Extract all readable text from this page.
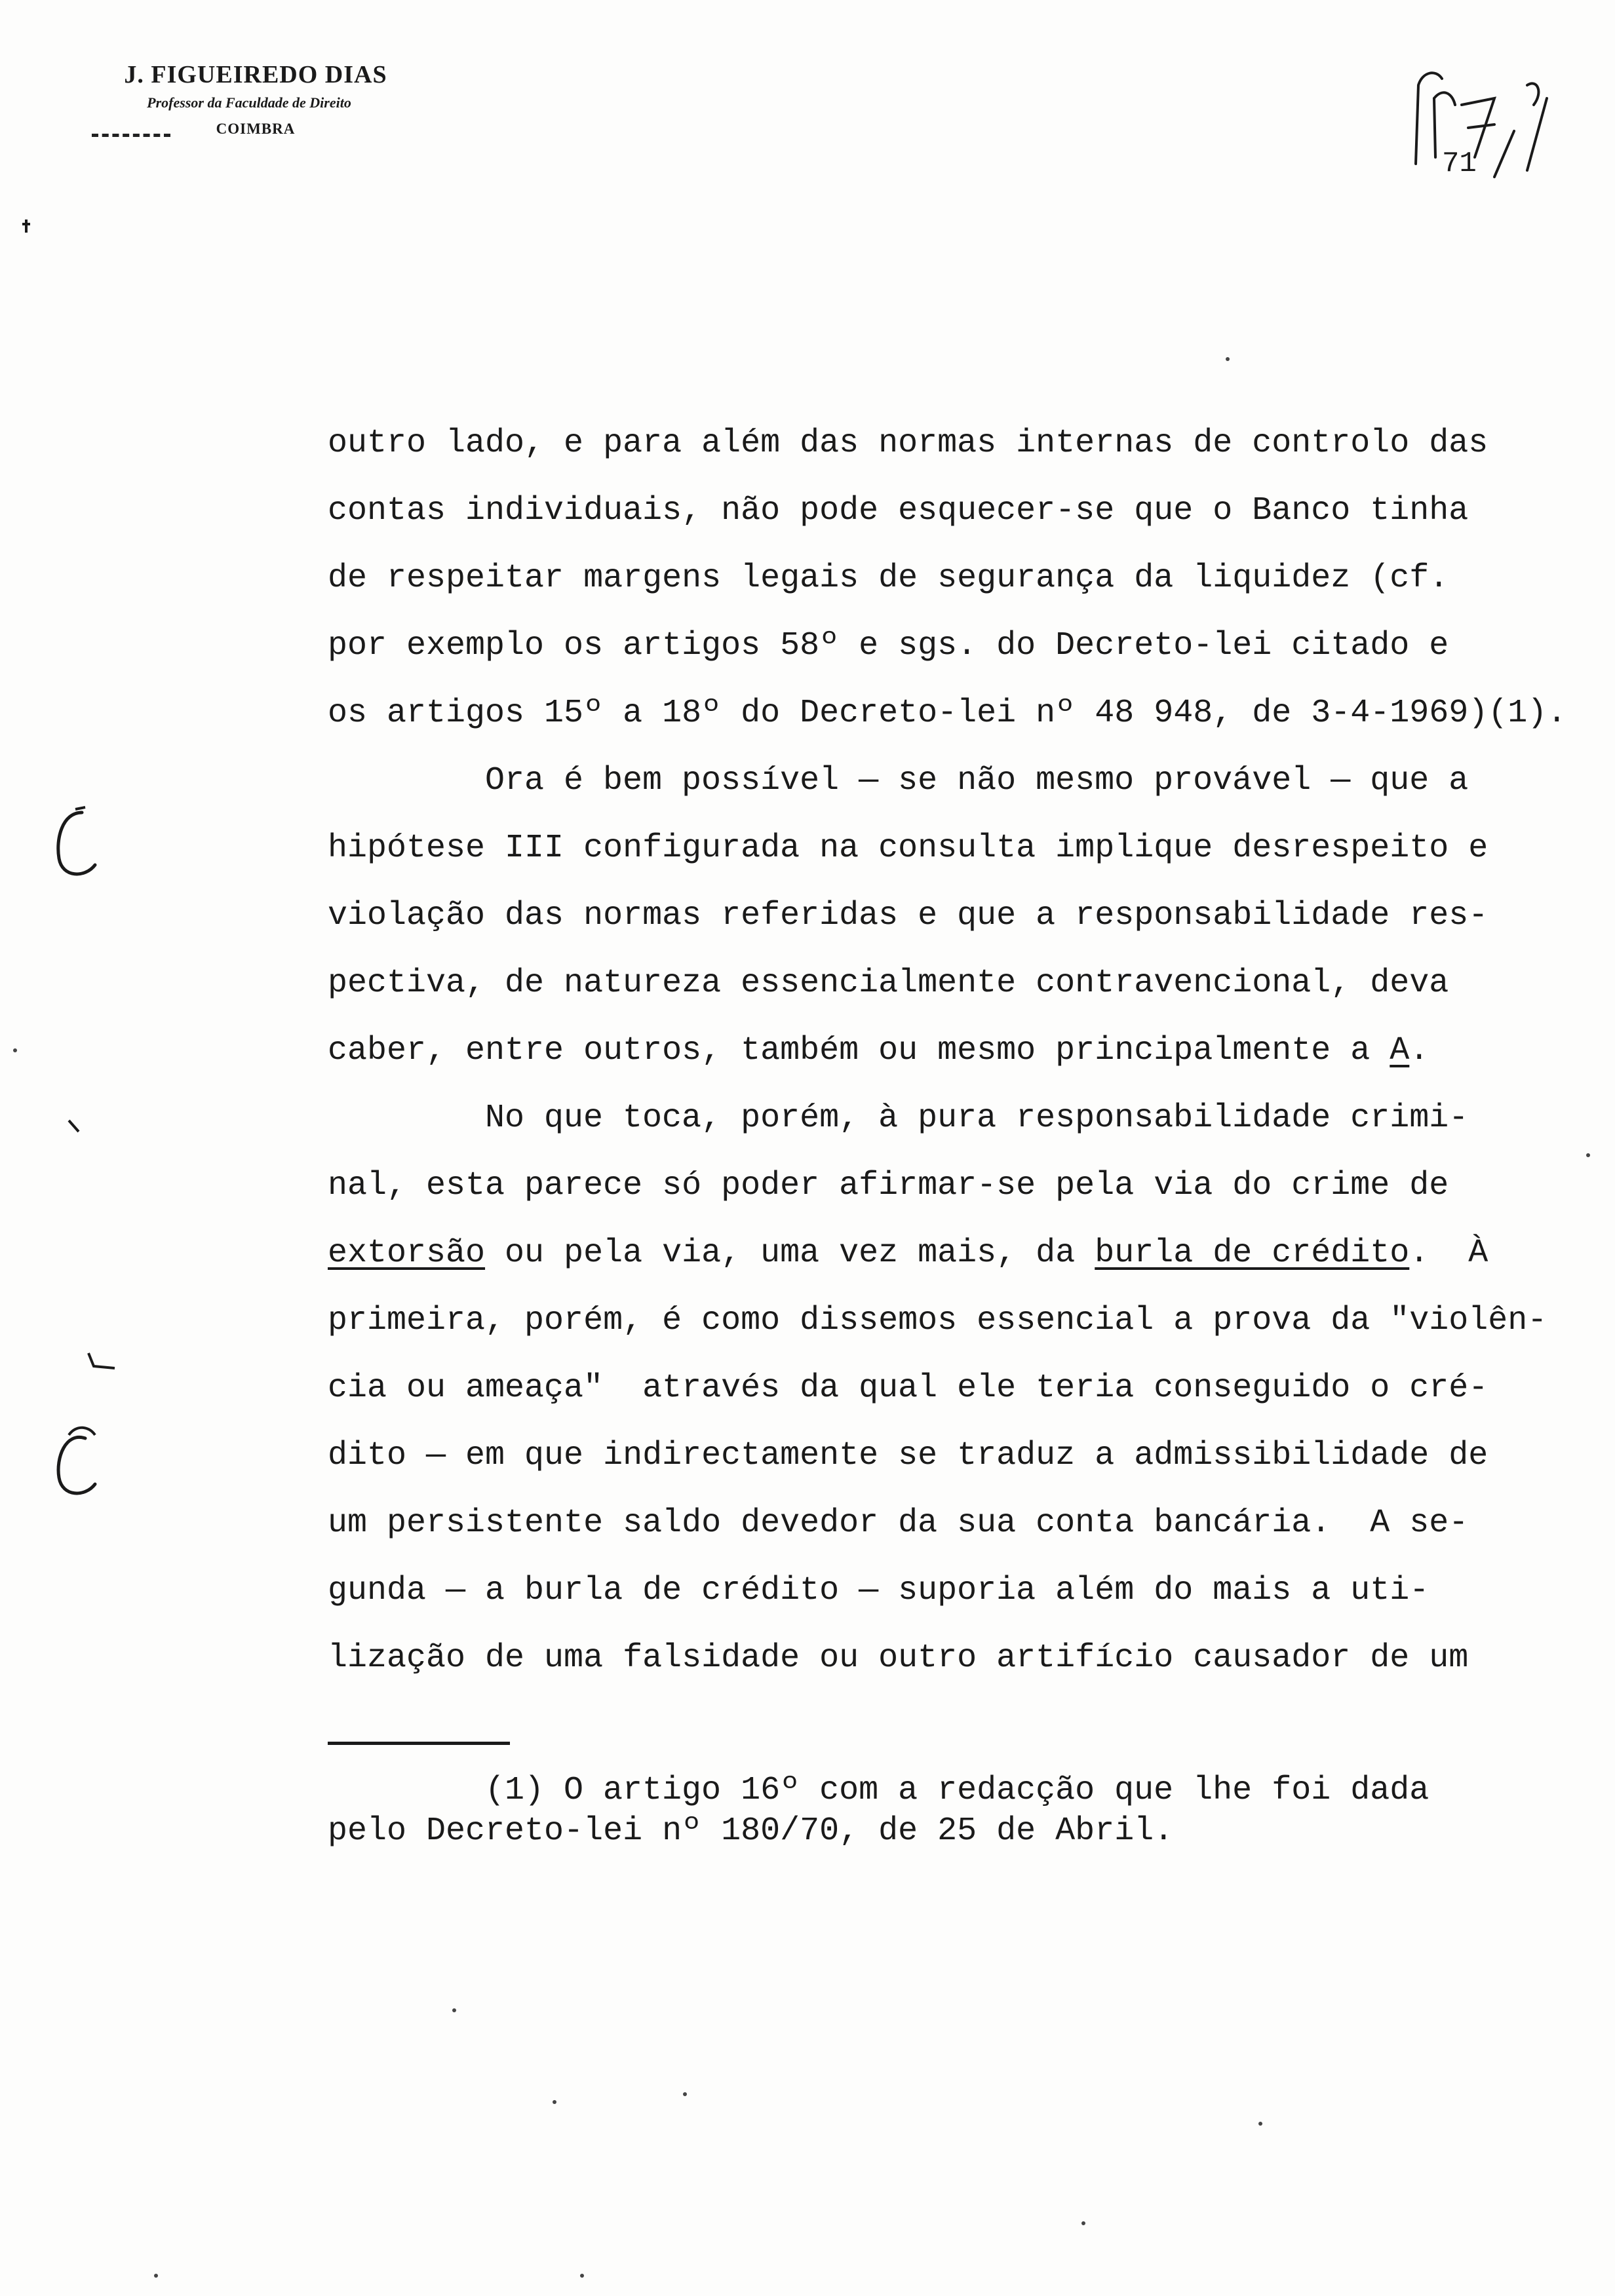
J. FIGUEIREDO DIAS
Professor da Faculdade de Direito
COIMBRA
71
outro lado, e para além das normas internas de controlo das
contas individuais, não pode esquecer-se que o Banco tinha
de respeitar margens legais de segurança da liquidez (cf.
por exemplo os artigos 58º e sgs. do Decreto-lei citado e
os artigos 15º a 18º do Decreto-lei nº 48 948, de 3-4-1969)(1).
Ora é bem possível — se não mesmo provável — que a
hipótese III configurada na consulta implique desrespeito e
violação das normas referidas e que a responsabilidade res-
pectiva, de natureza essencialmente contravencional, deva
caber, entre outros, também ou mesmo principalmente a A.
No que toca, porém, à pura responsabilidade crimi-
nal, esta parece só poder afirmar-se pela via do crime de
extorsão ou pela via, uma vez mais, da burla de crédito.  À
primeira, porém, é como dissemos essencial a prova da "violên-
cia ou ameaça"  através da qual ele teria conseguido o cré-
dito — em que indirectamente se traduz a admissibilidade de
um persistente saldo devedor da sua conta bancária.  A se-
gunda — a burla de crédito — suporia além do mais a uti-
lização de uma falsidade ou outro artifício causador de um
(1) O artigo 16º com a redacção que lhe foi dada
pelo Decreto-lei nº 180/70, de 25 de Abril.
